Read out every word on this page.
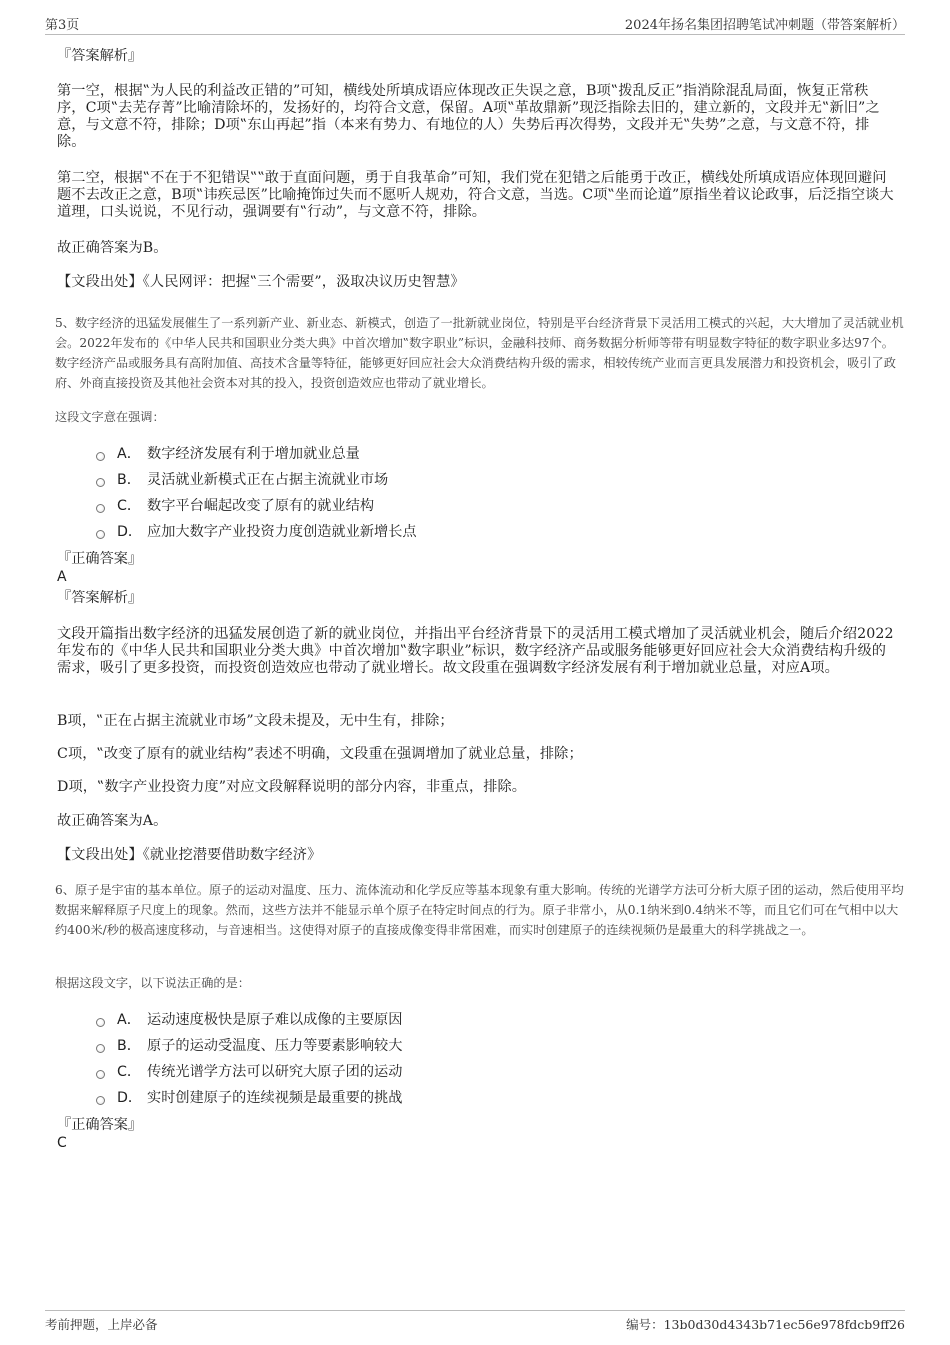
第3页	2024年扬名集团招聘笔试冲刺题（带答案解析）
『答案解析』
第一空，根据‟为人民的利益改正错的”可知，横线处所填成语应体现改正失误之意，B项‟拨乱反正”指消除混乱局面，恢复正常秩序，C项‟去芜存菁”比喻清除坏的，发扬好的，均符合文意，保留。A项‟革故鼎新”现泛指除去旧的，建立新的，文段并无‟新旧”之意，与文意不符，排除；D项‟东山再起”指（本来有势力、有地位的人）失势后再次得势，文段并无‟失势”之意，与文意不符，排除。
第二空，根据‟不在于不犯错误‟‟敢于直面问题，勇于自我革命”可知，我们党在犯错之后能勇于改正，横线处所填成语应体现回避问题不去改正之意，B项‟讳疾忌医”比喻掩饰过失而不愿听人规劝，符合文意，当选。C项‟坐而论道”原指坐着议论政事，后泛指空谈大道理，口头说说，不见行动，强调要有‟行动”，与文意不符，排除。
故正确答案为B。
【文段出处】《人民网评：把握‟三个需要”，汲取决议历史智慧》
5、数字经济的迅猛发展催生了一系列新产业、新业态、新模式，创造了一批新就业岗位，特别是平台经济背景下灵活用工模式的兴起，大大增加了灵活就业机会。2022年发布的《中华人民共和国职业分类大典》中首次增加‟数字职业”标识，金融科技师、商务数据分析师等带有明显数字特征的数字职业多达97个。数字经济产品或服务具有高附加值、高技术含量等特征，能够更好回应社会大众消费结构升级的需求，相较传统产业而言更具发展潜力和投资机会，吸引了政府、外商直接投资及其他社会资本对其的投入，投资创造效应也带动了就业增长。
这段文字意在强调：
A． 数字经济发展有利于增加就业总量
B． 灵活就业新模式正在占据主流就业市场
C． 数字平台崛起改变了原有的就业结构
D． 应加大数字产业投资力度创造就业新增长点
『正确答案』
A
『答案解析』
文段开篇指出数字经济的迅猛发展创造了新的就业岗位，并指出平台经济背景下的灵活用工模式增加了灵活就业机会，随后介绍2022年发布的《中华人民共和国职业分类大典》中首次增加‟数字职业”标识，数字经济产品或服务能够更好回应社会大众消费结构升级的需求，吸引了更多投资，而投资创造效应也带动了就业增长。故文段重在强调数字经济发展有利于增加就业总量，对应A项。
B项，‟正在占据主流就业市场”文段未提及，无中生有，排除；
C项，‟改变了原有的就业结构”表述不明确，文段重在强调增加了就业总量，排除；
D项，‟数字产业投资力度”对应文段解释说明的部分内容，非重点，排除。
故正确答案为A。
【文段出处】《就业挖潜要借助数字经济》
6、原子是宇宙的基本单位。原子的运动对温度、压力、流体流动和化学反应等基本现象有重大影响。传统的光谱学方法可分析大原子团的运动，然后使用平均数据来解释原子尺度上的现象。然而，这些方法并不能显示单个原子在特定时间点的行为。原子非常小，从0.1纳米到0.4纳米不等，而且它们可在气相中以大约400米/秒的极高速度移动，与音速相当。这使得对原子的直接成像变得非常困难，而实时创建原子的连续视频仍是最重大的科学挑战之一。
根据这段文字，以下说法正确的是：
A． 运动速度极快是原子难以成像的主要原因
B． 原子的运动受温度、压力等要素影响较大
C． 传统光谱学方法可以研究大原子团的运动
D． 实时创建原子的连续视频是最重要的挑战
『正确答案』
C
考前押题，上岸必备	编号：13b0d30d4343b71ec56e978fdcb9ff26
